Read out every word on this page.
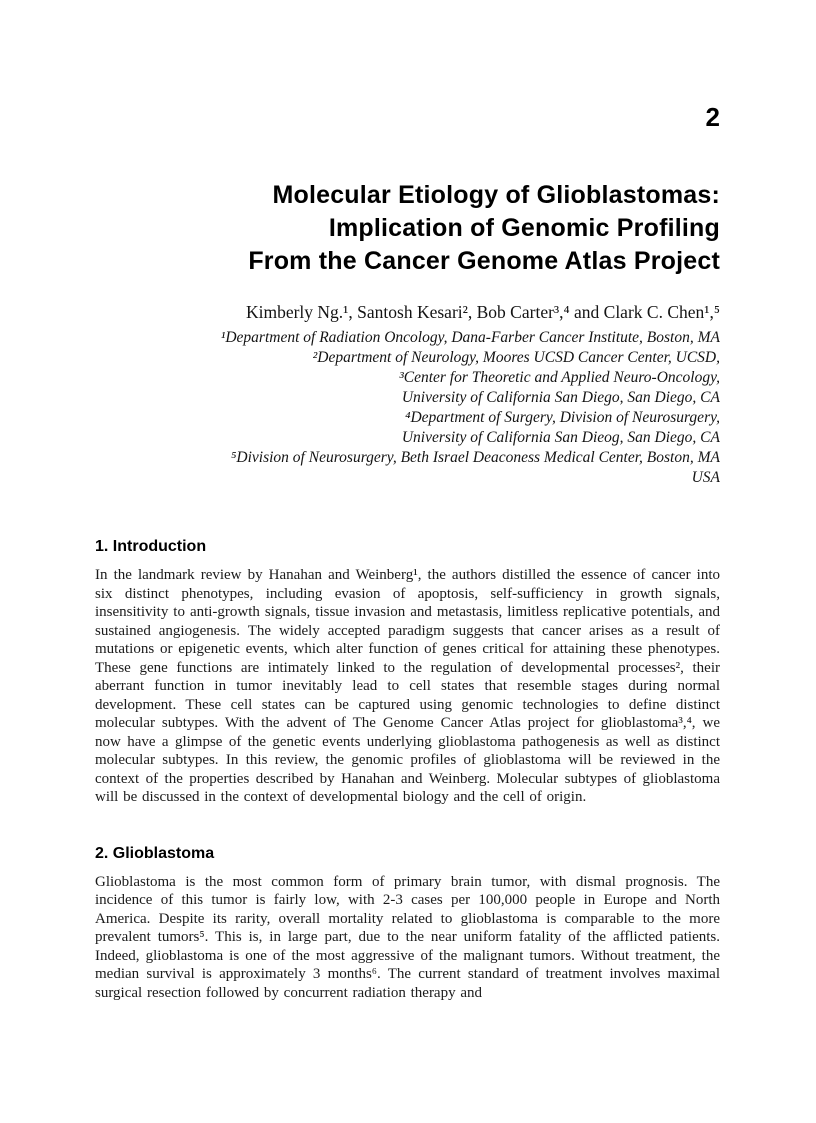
2
Molecular Etiology of Glioblastomas:
Implication of Genomic Profiling
From the Cancer Genome Atlas Project
Kimberly Ng.¹, Santosh Kesari², Bob Carter³,⁴ and Clark C. Chen¹,⁵
¹Department of Radiation Oncology, Dana-Farber Cancer Institute, Boston, MA
²Department of Neurology, Moores UCSD Cancer Center, UCSD,
³Center for Theoretic and Applied Neuro-Oncology,
University of California San Diego, San Diego, CA
⁴Department of Surgery, Division of Neurosurgery,
University of California San Dieog, San Diego, CA
⁵Division of Neurosurgery, Beth Israel Deaconess Medical Center, Boston, MA
USA
1. Introduction

In the landmark review by Hanahan and Weinberg¹, the authors distilled the essence of cancer into six distinct phenotypes, including evasion of apoptosis, self-sufficiency in growth signals, insensitivity to anti-growth signals, tissue invasion and metastasis, limitless replicative potentials, and sustained angiogenesis. The widely accepted paradigm suggests that cancer arises as a result of mutations or epigenetic events, which alter function of genes critical for attaining these phenotypes. These gene functions are intimately linked to the regulation of developmental processes², their aberrant function in tumor inevitably lead to cell states that resemble stages during normal development. These cell states can be captured using genomic technologies to define distinct molecular subtypes. With the advent of The Genome Cancer Atlas project for glioblastoma³,⁴, we now have a glimpse of the genetic events underlying glioblastoma pathogenesis as well as distinct molecular subtypes. In this review, the genomic profiles of glioblastoma will be reviewed in the context of the properties described by Hanahan and Weinberg. Molecular subtypes of glioblastoma will be discussed in the context of developmental biology and the cell of origin.

2. Glioblastoma

Glioblastoma is the most common form of primary brain tumor, with dismal prognosis. The incidence of this tumor is fairly low, with 2-3 cases per 100,000 people in Europe and North America. Despite its rarity, overall mortality related to glioblastoma is comparable to the more prevalent tumors⁵. This is, in large part, due to the near uniform fatality of the afflicted patients. Indeed, glioblastoma is one of the most aggressive of the malignant tumors. Without treatment, the median survival is approximately 3 months⁶. The current standard of treatment involves maximal surgical resection followed by concurrent radiation therapy and
